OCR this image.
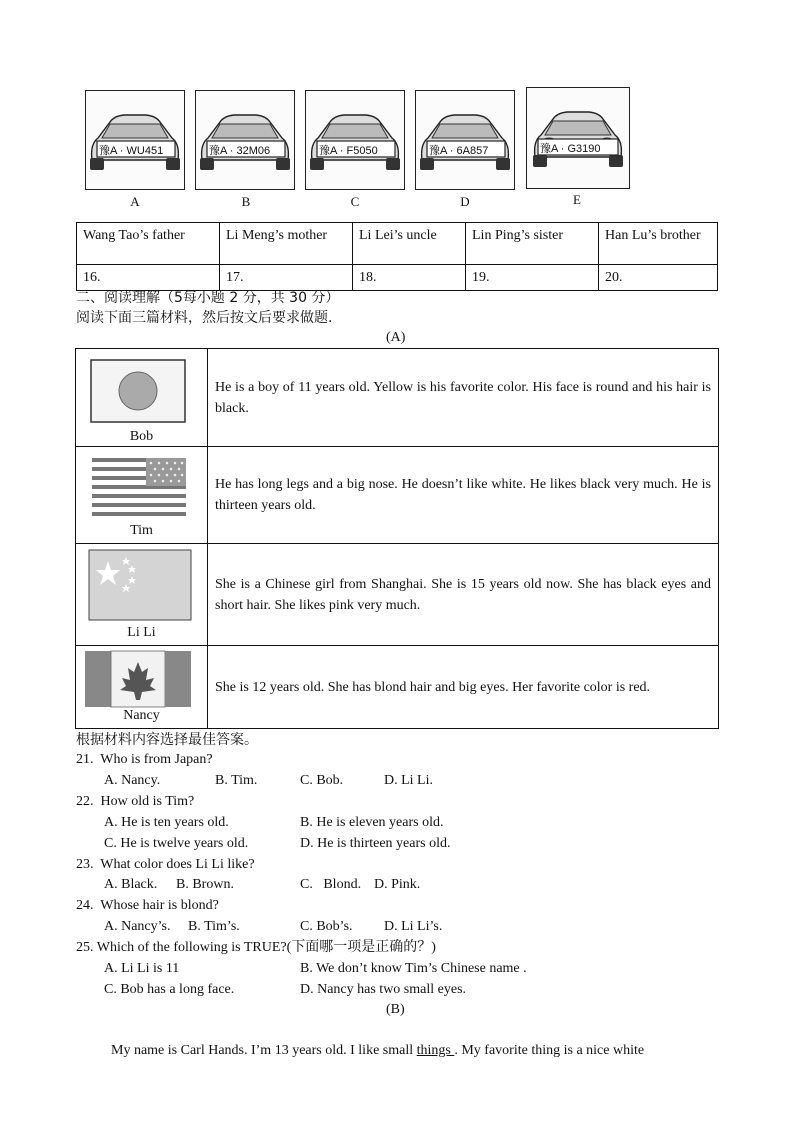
豫A · WU451	豫A · 32M06	豫A · F5050	豫A · 6A857	豫A · G3190
A	B	C	D	E
Wang Tao’s father	Li Meng’s mother	Li Lei’s uncle	Lin Ping’s sister	Han Lu’s brother
16.	17.	18.	19.	20.
二、阅读理解（5每小题 2 分，共 30 分）
阅读下面三篇材料，然后按文后要求做题.
(A)
Bob
He is a boy of 11 years old. Yellow is his favorite color. His face is round and his hair is black.
Tim
He has long legs and a big nose. He doesn’t like white. He likes black very much. He is thirteen years old.
Li Li
She is a Chinese girl from Shanghai. She is 15 years old now. She has black eyes and short hair. She likes pink very much.
Nancy
She is 12 years old. She has blond hair and big eyes. Her favorite color is red.
根据材料内容选择最佳答案。
21.  Who is from Japan?
A. Nancy.	B. Tim.	C. Bob.	D. Li Li.
22.  How old is Tim?
A. He is ten years old.	B. He is eleven years old.
C. He is twelve years old.	D. He is thirteen years old.
23.  What color does Li Li like?
A. Black. B. Brown.	C.   Blond. D. Pink.
24.  Whose hair is blond?
A. Nancy’s. B. Tim’s.	C. Bob’s. D. Li Li’s.
25. Which of the following is TRUE?(下面哪一项是正确的？)
A. Li Li is 11	B. We don’t know Tim’s Chinese name .
C. Bob has a long face.	D. Nancy has two small eyes.
(B)

My name is Carl Hands. I’m 13 years old. I like small things . My favorite thing is a nice white
